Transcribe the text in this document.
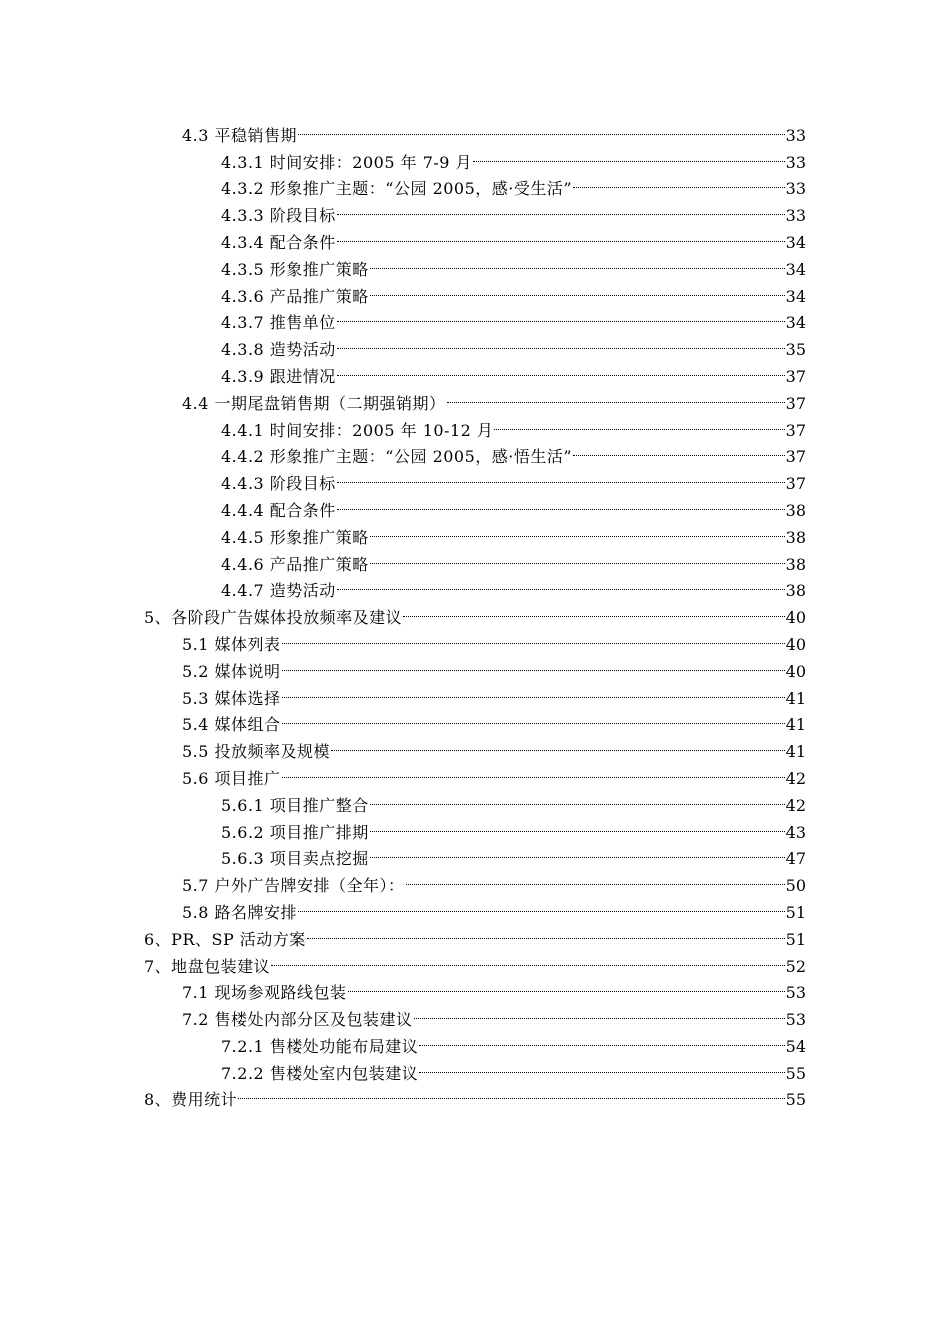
4.3 平稳销售期	33
4.3.1 时间安排：2005 年 7-9 月	33
4.3.2 形象推广主题：“公园 2005，感·受生活”	33
4.3.3 阶段目标	33
4.3.4 配合条件	34
4.3.5 形象推广策略	34
4.3.6 产品推广策略	34
4.3.7 推售单位	34
4.3.8 造势活动	35
4.3.9 跟进情况	37
4.4 一期尾盘销售期（二期强销期）	37
4.4.1 时间安排：2005 年 10-12 月	37
4.4.2 形象推广主题：“公园 2005，感·悟生活”	37
4.4.3 阶段目标	37
4.4.4 配合条件	38
4.4.5 形象推广策略	38
4.4.6 产品推广策略	38
4.4.7 造势活动	38
5、各阶段广告媒体投放频率及建议	40
5.1 媒体列表	40
5.2 媒体说明	40
5.3 媒体选择	41
5.4 媒体组合	41
5.5 投放频率及规模	41
5.6 项目推广	42
5.6.1 项目推广整合	42
5.6.2 项目推广排期	43
5.6.3 项目卖点挖掘	47
5.7 户外广告牌安排（全年）：	50
5.8 路名牌安排	51
6、PR、SP 活动方案	51
7、地盘包装建议	52
7.1 现场参观路线包装	53
7.2 售楼处内部分区及包装建议	53
7.2.1 售楼处功能布局建议	54
7.2.2 售楼处室内包装建议	55
8、费用统计	55
